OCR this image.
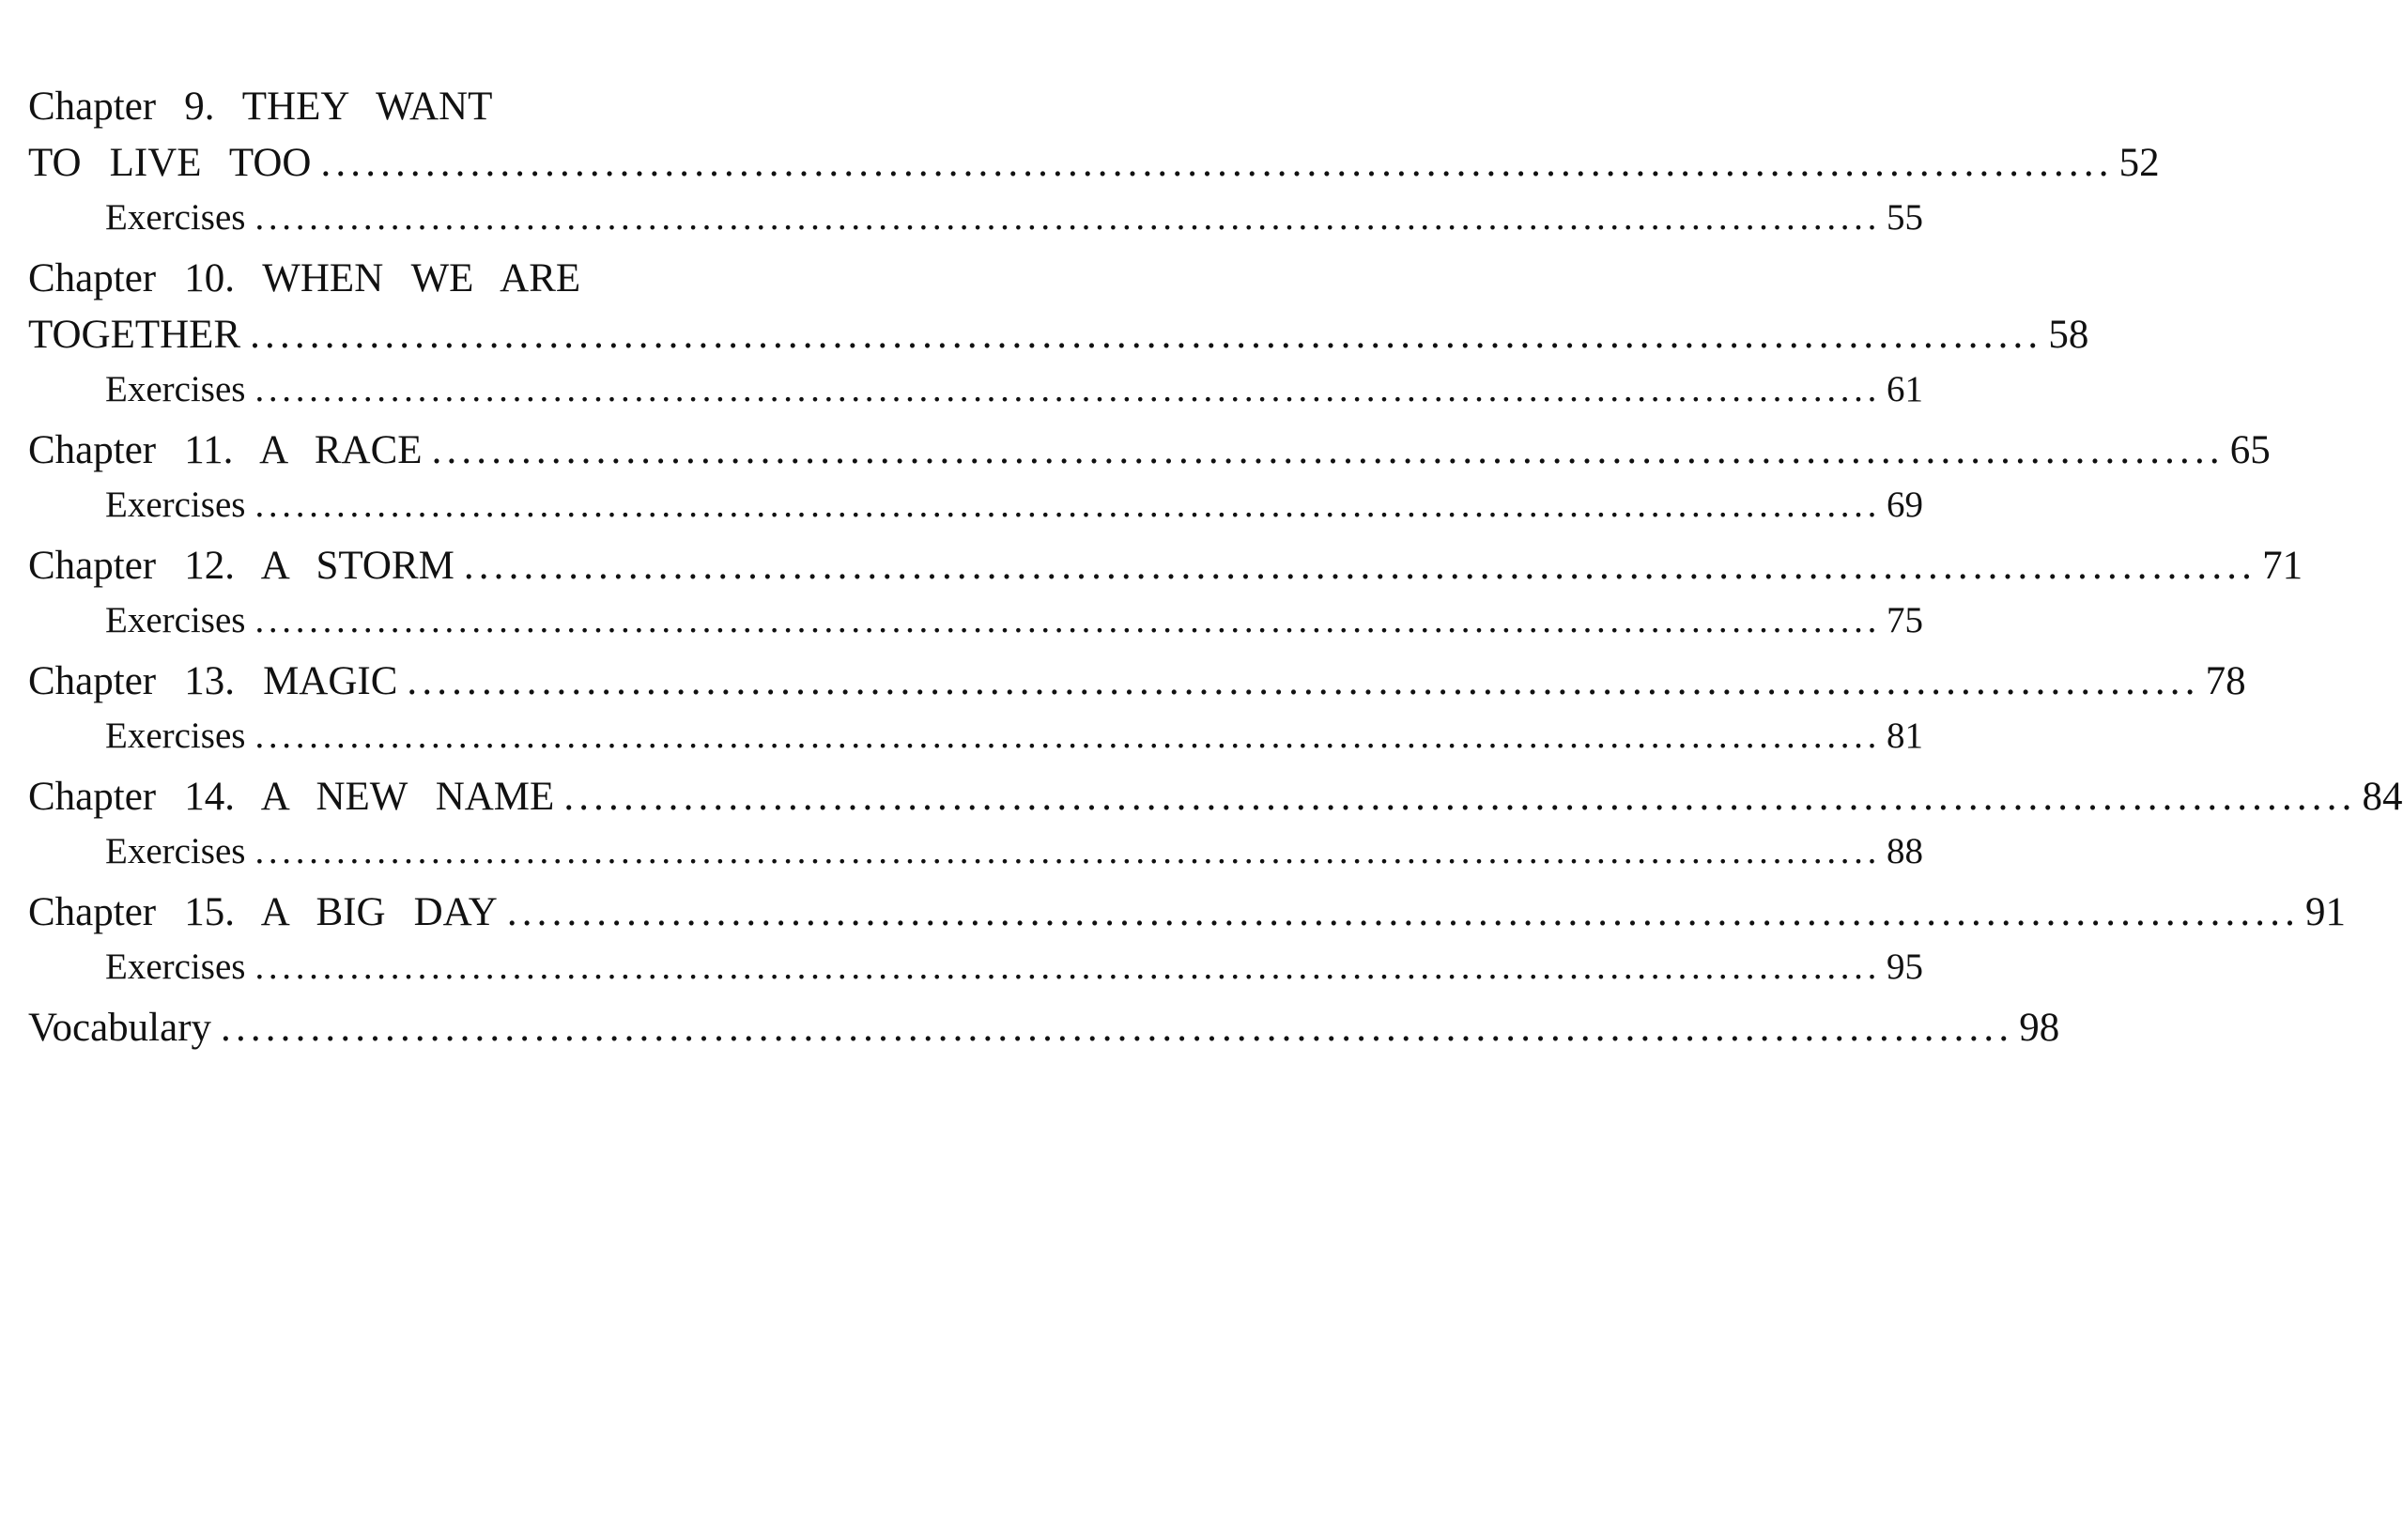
Chapter 9. THEY WANT
TO LIVE TOO ........................................................................................................................ 52
Exercises ........................................................................................................................ 55
Chapter 10. WHEN WE ARE
TOGETHER ........................................................................................................................ 58
Exercises ........................................................................................................................ 61
Chapter 11. A RACE ........................................................................................................................ 65
Exercises ........................................................................................................................ 69
Chapter 12. A STORM ........................................................................................................................ 71
Exercises ........................................................................................................................ 75
Chapter 13. MAGIC ........................................................................................................................ 78
Exercises ........................................................................................................................ 81
Chapter 14. A NEW NAME ........................................................................................................................ 84
Exercises ........................................................................................................................ 88
Chapter 15. A BIG DAY ........................................................................................................................ 91
Exercises ........................................................................................................................ 95
Vocabulary ........................................................................................................................ 98
